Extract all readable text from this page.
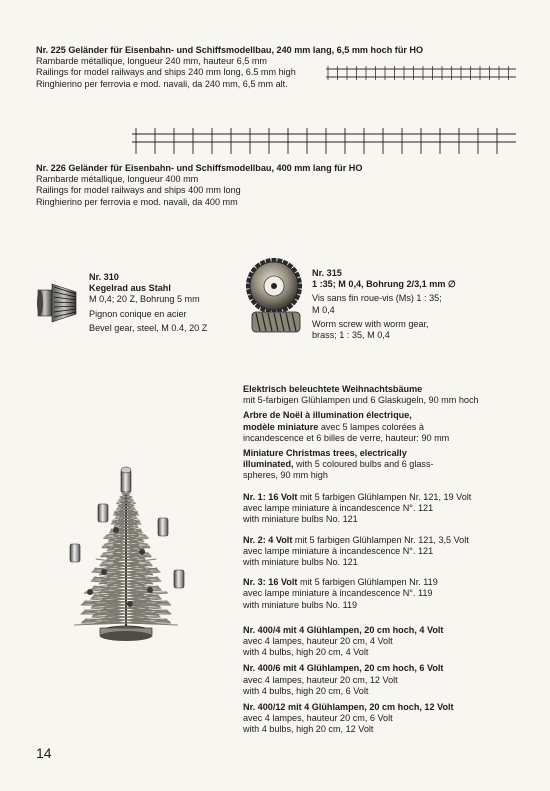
Nr. 225 Geländer für Eisenbahn- und Schiffsmodellbau, 240 mm lang, 6,5 mm hoch für HO
Rambarde métallique, longueur 240 mm, hauteur 6,5 mm
Railings for model railways and ships 240 mm long, 6.5 mm high
Ringhierino per ferrovia e mod. navali, da 240 mm, 6,5 mm alt.
Nr. 226 Geländer für Eisenbahn- und Schiffsmodellbau, 400 mm lang für HO
Rambarde métallique, longueur 400 mm
Railings for model railways and ships 400 mm long
Ringhierino per ferrovia e mod. navali, da 400 mm
Nr. 310
Kegelrad aus Stahl
M 0,4; 20 Z, Bohrung 5 mm
Pignon conique en acier
Bevel gear, steel, M 0.4, 20 Z
Nr. 315
1 :35; M 0,4, Bohrung 2/3,1 mm ∅
Vis sans fin roue-vis (Ms) 1 : 35;
M 0,4
Worm screw with worm gear,
brass; 1 : 35, M 0,4
Elektrisch beleuchtete Weihnachtsbäume
mit 5-farbigen Glühlampen und 6 Glaskugeln, 90 mm hoch
Arbre de Noël à illumination électrique,
modèle miniature avec 5 lampes colorées à
incandescence et 6 billes de verre, hauteur: 90 mm
Miniature Christmas trees, electrically
illuminated, with 5 coloured bulbs and 6 glass-
spheres, 90 mm high
Nr. 1: 16 Volt mit 5 farbigen Glühlampen Nr. 121, 19 Volt
avec lampe miniature à incandescence N°. 121
with miniature bulbs No. 121
Nr. 2: 4 Volt mit 5 farbigen Glühlampen Nr. 121, 3,5 Volt
avec lampe miniature à incandescence N°. 121
with miniature bulbs No. 121
Nr. 3: 16 Volt mit 5 farbigen Glühlampen Nr. 119
avec lampe miniature à incandescence N°. 119
with miniature bulbs No. 119
Nr. 400/4 mit 4 Glühlampen, 20 cm hoch, 4 Volt
avec 4 lampes, hauteur 20 cm, 4 Volt
with 4 bulbs, high 20 cm, 4 Volt
Nr. 400/6 mit 4 Glühlampen, 20 cm hoch, 6 Volt
avec 4 lampes, hauteur 20 cm, 12 Volt
with 4 bulbs, high 20 cm, 6 Volt
Nr. 400/12 mit 4 Glühlampen, 20 cm hoch, 12 Volt
avec 4 lampes, hauteur 20 cm, 6 Volt
with 4 bulbs, high 20 cm, 12 Volt
14
